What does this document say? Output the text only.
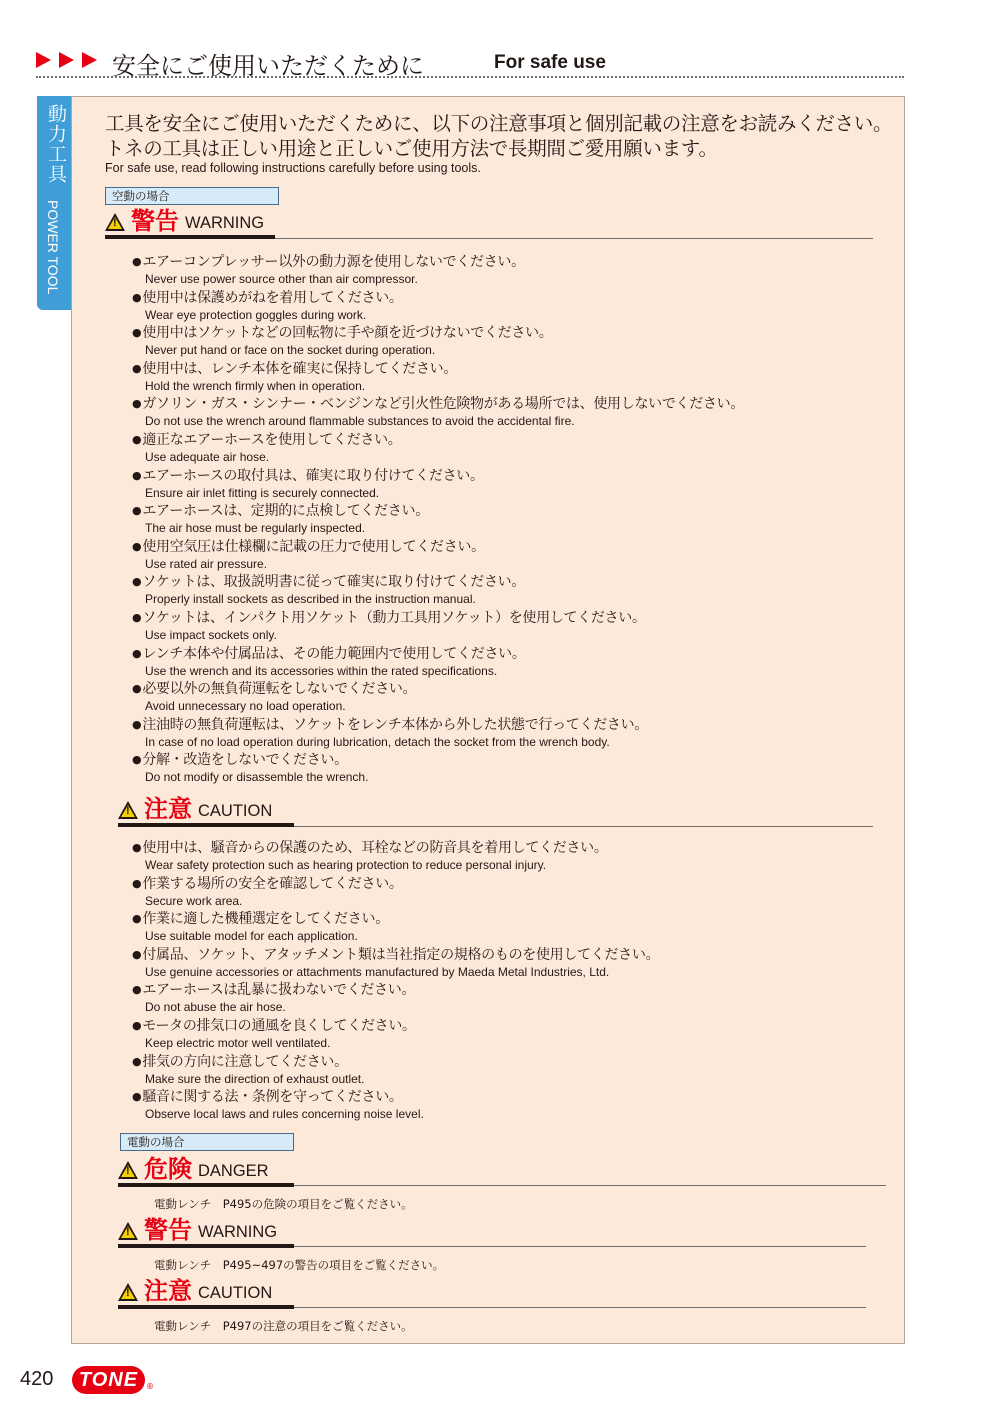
安全にご使用いただくために	For safe use
動力工具
POWER TOOL
工具を安全にご使用いただくために、以下の注意事項と個別記載の注意をお読みください。トネの工具は正しい用途と正しいご使用方法で長期間ご愛用願います。
For safe use, read following instructions carefully before using tools.
空動の場合
!
警告 WARNING
● エアーコンプレッサー以外の動力源を使用しないでください。
Never use power source other than air compressor.
● 使用中は保護めがねを着用してください。
Wear eye protection goggles during work.
● 使用中はソケットなどの回転物に手や顔を近づけないでください。
Never put hand or face on the socket during operation.
● 使用中は、レンチ本体を確実に保持してください。
Hold the wrench firmly when in operation.
● ガソリン・ガス・シンナー・ベンジンなど引火性危険物がある場所では、使用しないでください。
Do not use the wrench around flammable substances to avoid the accidental fire.
● 適正なエアーホースを使用してください。
Use adequate air hose.
● エアーホースの取付具は、確実に取り付けてください。
Ensure air inlet fitting is securely connected.
● エアーホースは、定期的に点検してください。
The air hose must be regularly inspected.
● 使用空気圧は仕様欄に記載の圧力で使用してください。
Use rated air pressure.
● ソケットは、取扱説明書に従って確実に取り付けてください。
Properly install sockets as described in the instruction manual.
● ソケットは、インパクト用ソケット（動力工具用ソケット）を使用してください。
Use impact sockets only.
● レンチ本体や付属品は、その能力範囲内で使用してください。
Use the wrench and its accessories within the rated specifications.
● 必要以外の無負荷運転をしないでください。
Avoid unnecessary no load operation.
● 注油時の無負荷運転は、ソケットをレンチ本体から外した状態で行ってください。
In case of no load operation during lubrication, detach the socket from the wrench body.
● 分解・改造をしないでください。
Do not modify or disassemble the wrench.
!
注意 CAUTION
● 使用中は、騒音からの保護のため、耳栓などの防音具を着用してください。
Wear safety protection such as hearing protection to reduce personal injury.
● 作業する場所の安全を確認してください。
Secure work area.
● 作業に適した機種選定をしてください。
Use suitable model for each application.
● 付属品、ソケット、アタッチメント類は当社指定の規格のものを使用してください。
Use genuine accessories or attachments manufactured by Maeda Metal Industries, Ltd.
● エアーホースは乱暴に扱わないでください。
Do not abuse the air hose.
● モータの排気口の通風を良くしてください。
Keep electric motor well ventilated.
● 排気の方向に注意してください。
Make sure the direction of exhaust outlet.
● 騒音に関する法・条例を守ってください。
Observe local laws and rules concerning noise level.
電動の場合
!
危険 DANGER
電動レンチ　P495の危険の項目をご覧ください。
!
警告 WARNING
電動レンチ　P495~497の警告の項目をご覧ください。
!
注意 CAUTION
電動レンチ　P497の注意の項目をご覧ください。
420	TONE ®
